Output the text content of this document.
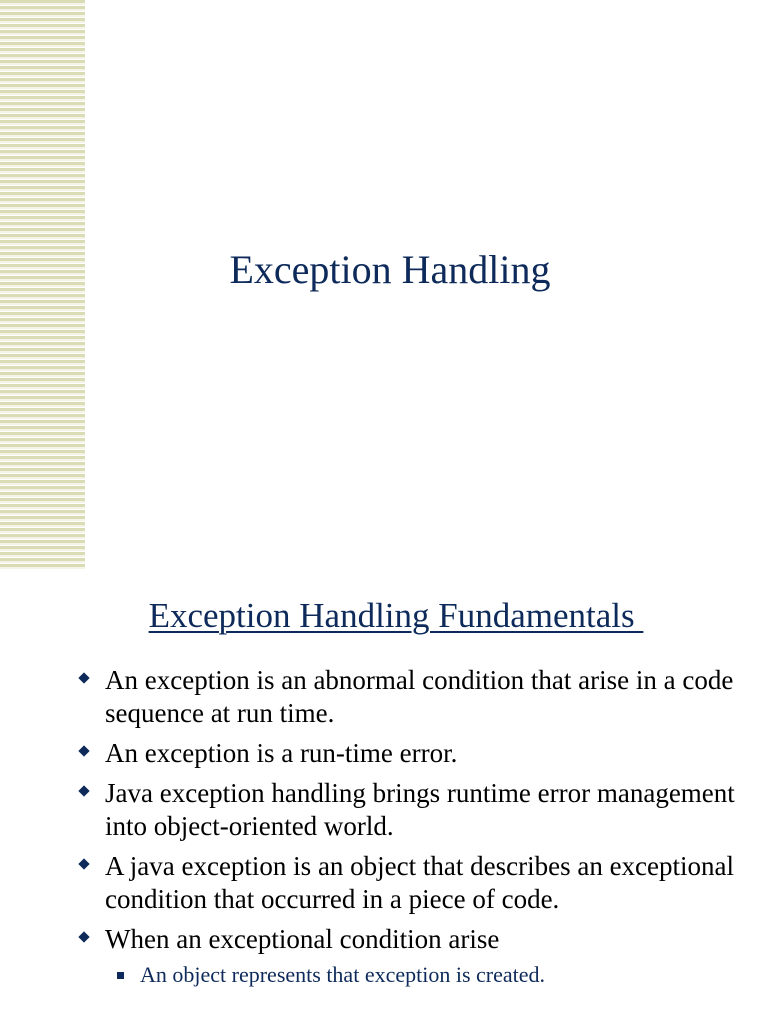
Exception Handling
Exception Handling Fundamentals
An exception is an abnormal condition that arise in a code sequence at run time.
An exception is a run-time error.
Java exception handling brings runtime error management into object-oriented world.
A java exception is an object that describes an exceptional condition that occurred in a piece of code.
When an exceptional condition arise
An object represents that exception is created.
